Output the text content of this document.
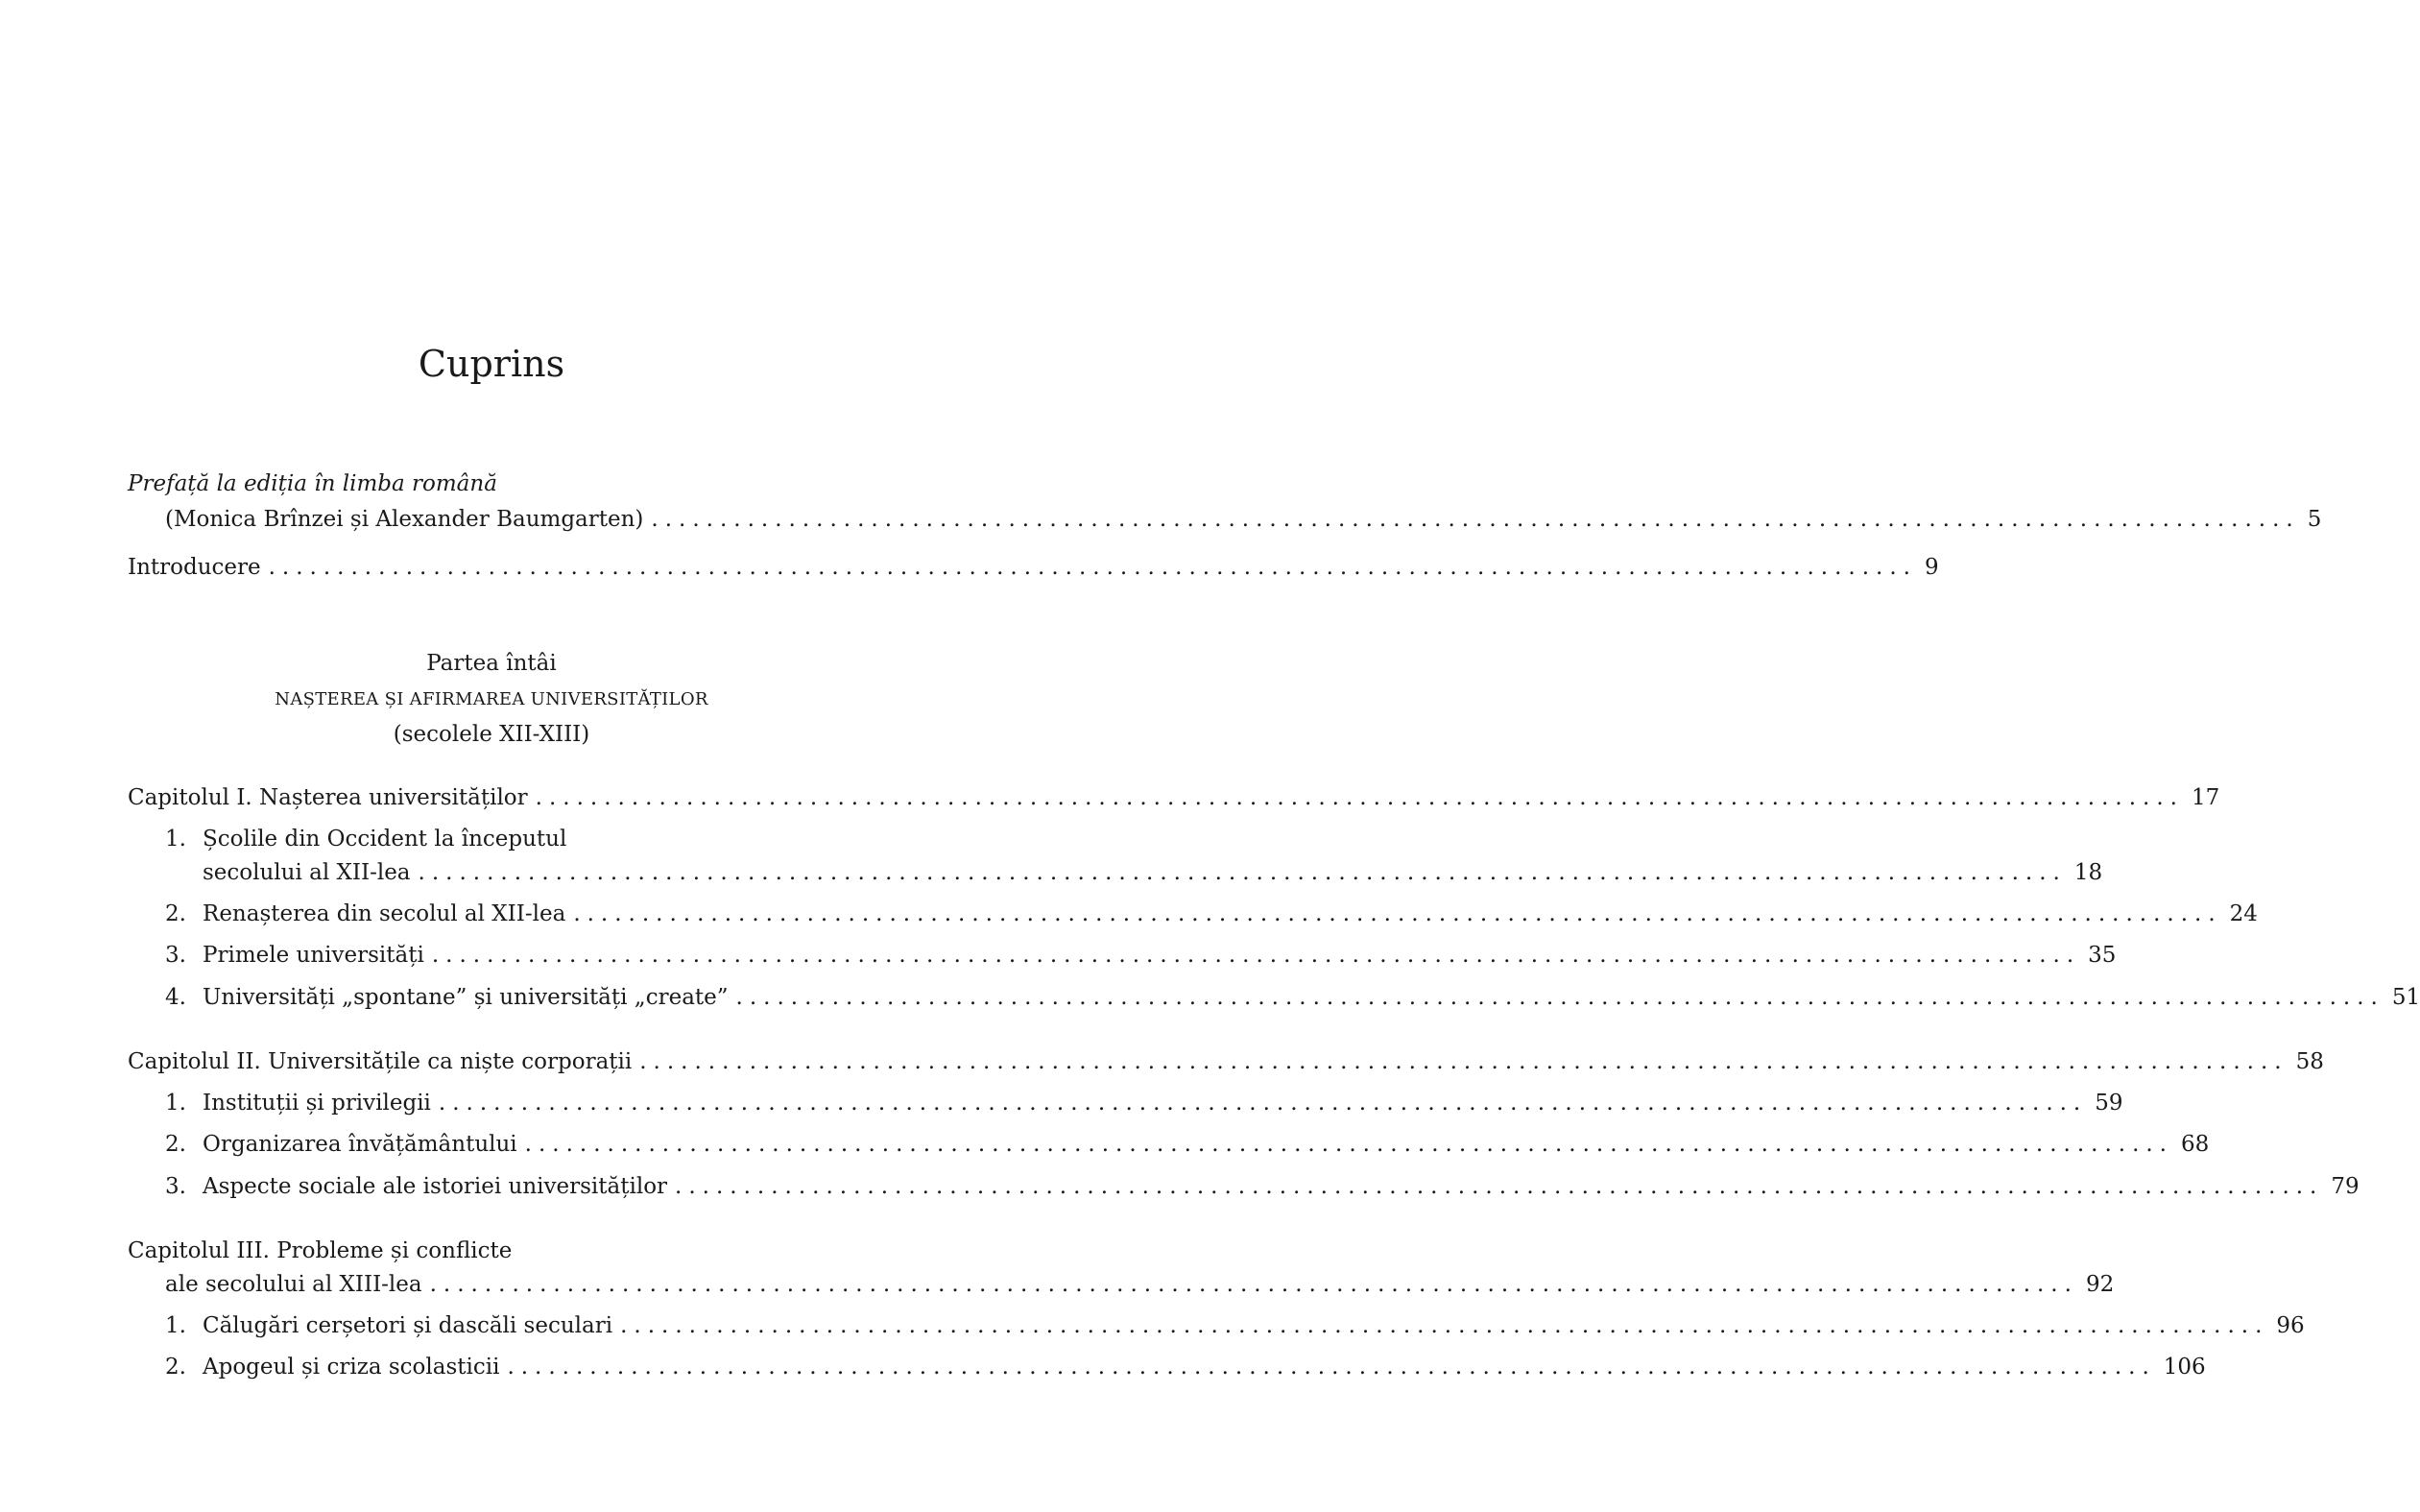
Cuprins
Prefață la ediția în limba română
(Monica Brînzei și Alexander Baumgarten) ........................................................................................................................ 5
Introducere ........................................................................................................................ 9
Partea întâi
NAȘTEREA ȘI AFIRMAREA UNIVERSITĂȚILOR
(secolele XII-XIII)
Capitolul I. Nașterea universităților ........................................................................................................................ 17
1. Școlile din Occident la începutul
secolului al XII-lea ........................................................................................................................ 18
2. Renașterea din secolul al XII-lea ........................................................................................................................ 24
3. Primele universități ........................................................................................................................ 35
4. Universități „spontane” și universități „create” ........................................................................................................................ 51
Capitolul II. Universitățile ca niște corporații ........................................................................................................................ 58
1. Instituții și privilegii ........................................................................................................................ 59
2. Organizarea învățământului ........................................................................................................................ 68
3. Aspecte sociale ale istoriei universităților ........................................................................................................................ 79
Capitolul III. Probleme și conflicte
ale secolului al XIII-lea ........................................................................................................................ 92
1. Călugări cerșetori și dascăli seculari ........................................................................................................................ 96
2. Apogeul și criza scolasticii ........................................................................................................................ 106
